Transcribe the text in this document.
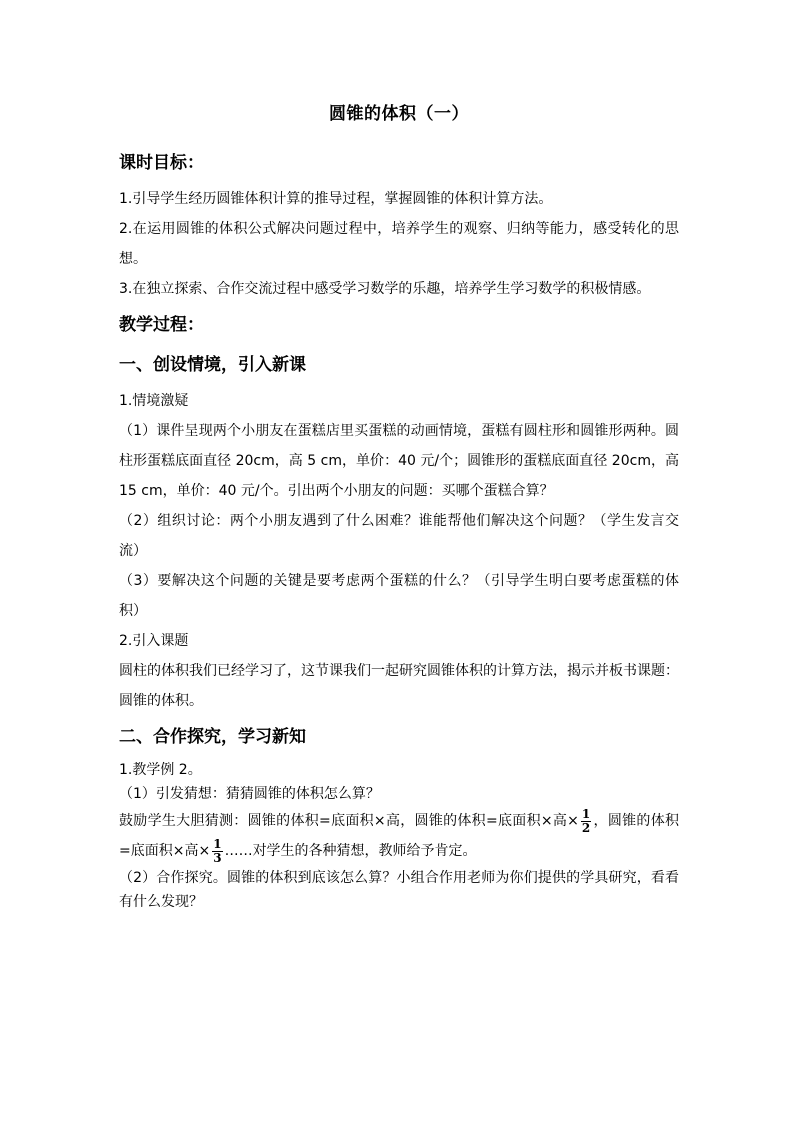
圆锥的体积（一）
课时目标：

1.引导学生经历圆锥体积计算的推导过程，掌握圆锥的体积计算方法。

2.在运用圆锥的体积公式解决问题过程中，培养学生的观察、归纳等能力，感受转化的思想。

3.在独立探索、合作交流过程中感受学习数学的乐趣，培养学生学习数学的积极情感。

教学过程：
一、创设情境，引入新课

1.情境激疑

（1）课件呈现两个小朋友在蛋糕店里买蛋糕的动画情境，蛋糕有圆柱形和圆锥形两种。圆柱形蛋糕底面直径 20cm，高 5 cm，单价：40 元/个；圆锥形的蛋糕底面直径 20cm，高 15 cm，单价：40 元/个。引出两个小朋友的问题：买哪个蛋糕合算？

（2）组织讨论：两个小朋友遇到了什么困难？谁能帮他们解决这个问题？（学生发言交流）

（3）要解决这个问题的关键是要考虑两个蛋糕的什么？（引导学生明白要考虑蛋糕的体积）

2.引入课题

圆柱的体积我们已经学习了，这节课我们一起研究圆锥体积的计算方法，揭示并板书课题：圆锥的体积。

二、合作探究，学习新知

1.教学例 2。

（1）引发猜想：猜猜圆锥的体积怎么算？

鼓励学生大胆猜测：圆锥的体积=底面积×高，圆锥的体积=底面积×高× $\frac{1}{2}$ ，圆锥的体积=底面积×高× $\frac{1}{3}$ ……对学生的各种猜想，教师给予肯定。

（2）合作探究。圆锥的体积到底该怎么算？小组合作用老师为你们提供的学具研究，看看有什么发现？
